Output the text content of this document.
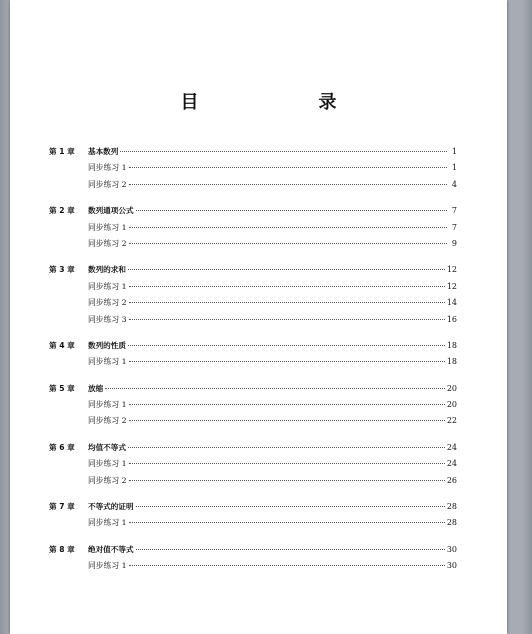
目　　录
第 1 章	基本数列	1
同步练习 1	1
同步练习 2	4
第 2 章	数列通项公式	7
同步练习 1	7
同步练习 2	9
第 3 章	数列的求和	12
同步练习 1	12
同步练习 2	14
同步练习 3	16
第 4 章	数列的性质	18
同步练习 1	18
第 5 章	放缩	20
同步练习 1	20
同步练习 2	22
第 6 章	均值不等式	24
同步练习 1	24
同步练习 2	26
第 7 章	不等式的证明	28
同步练习 1	28
第 8 章	绝对值不等式	30
同步练习 1	30
